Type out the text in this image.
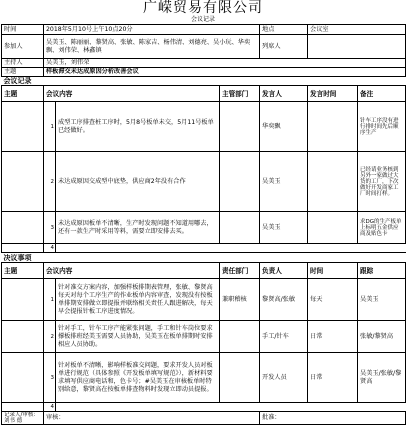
广嵘贸易有限公司
会议记录
时间	2018年5月10号上午10点20分			地点	会议室	
参加人	吴美玉、陈丽丽、黎贤高、张敏、陈家吉、杨伟清、刘德亮、吴小玩、华奕飘、刘伟荣、林鑫镇			列席人		
主持人	吴美玉，刘伟荣					
主题	样板滞交未达成原因分析改善会议					
会议记录						
主题	会议内容		主管部门	发言人	发言时间	备注
	1	成型工序排查桩工序时，5月8号板单未交，5月11号板单已经做好。		华奕飘		针车工序没有进行排时间先后顺序生产
	2	未达成原因交成型中底垫，供应商2年没有合作		吴美玉		已经请业务核到另外一家做过大货的工厂，下次做好开发商家工厂时间打样。
	3	未达成原因板单不清晰，生产时发现问题不知道用哪去，还有一款生产时采用等料，需要立即安排去买。		吴美玉		求DG的生产板单上标明五金供应商及贴色卡
	4					
决议事项						
主题	会议内容		责任部门	负责人	时间	跟踪
	1	针对准交方案内容，加强样板排期表管理，张敏、黎贤高每天对每个工序生产的作业板单内容审查，发现没有按板单排期安排做立即提报并联络相关责任人跟进解决，每天早会提报针板工序进度情况。	兼职稽核	黎贤高/张敏	每天	吴美玉
	2	针对手工，针车工序产能紧张问题，手工和针车岗位要求撑板排班经美玉需要人员协助，吴美玉在板单排期时安排相应人员协助。		手工/针车	日常	张敏/黎贤高
	3	针对板单不清晰，影响样板准交问题，要求开发人员对板单进行规范（具体参照《开发板单填写规范》），新材料要求填写供应商电话和，色卡号；#吴美玉在审核板单时特别给意，黎贤高在按板单排查物料时发现立即动员提报。		开发人员	日常	吴美玉/张敏/黎贤高
	4					
记录人/审核：刘书 德	审核：			批准：		
